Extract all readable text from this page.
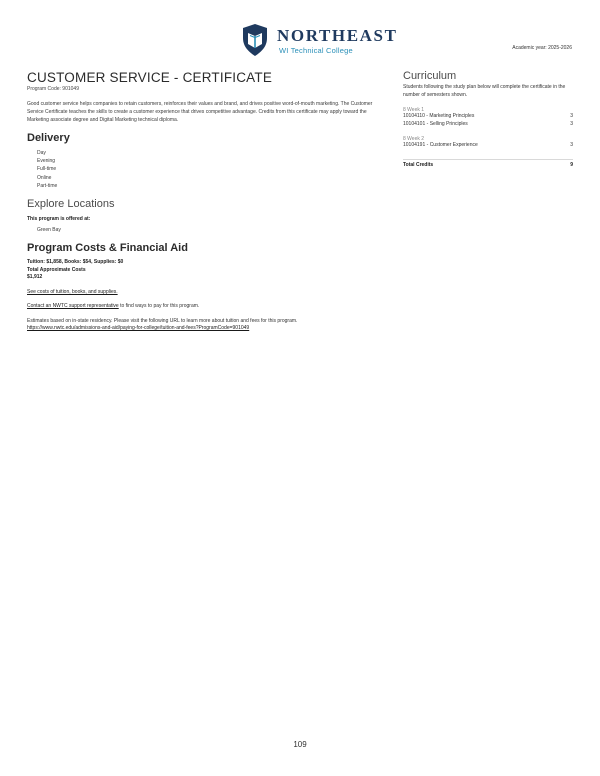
NORTHEAST
WI Technical College	Academic year: 2025-2026
CUSTOMER SERVICE - CERTIFICATE
Program Code: 901049
Good customer service helps companies to retain customers, reinforces their values and brand, and drives positive word-of-mouth marketing. The Customer Service Certificate teaches the skills to create a customer experience that drives competitive advantage. Credits from this certificate may apply toward the Marketing associate degree and Digital Marketing technical diploma.
Delivery
Day
Evening
Full-time
Online
Part-time
Explore Locations
This program is offered at:
Green Bay
Program Costs & Financial Aid
Tuition: $1,858, Books: $54, Supplies: $0
Total Approximate Costs
$1,912
See costs of tuition, books, and supplies.
Contact an NWTC support representative to find ways to pay for this program.
Estimates based on in-state residency. Please visit the following URL to learn more about tuition and fees for this program.
https://www.nwtc.edu/admissions-and-aid/paying-for-college/tuition-and-fees?ProgramCode=901049
Curriculum
Students following the study plan below will complete the certificate in the number of semesters shown.
8 Week 1
10104110 - Marketing Principles	3
10104101 - Selling Principles	3
8 Week 2
10104191 - Customer Experience	3
Total Credits	9
109
